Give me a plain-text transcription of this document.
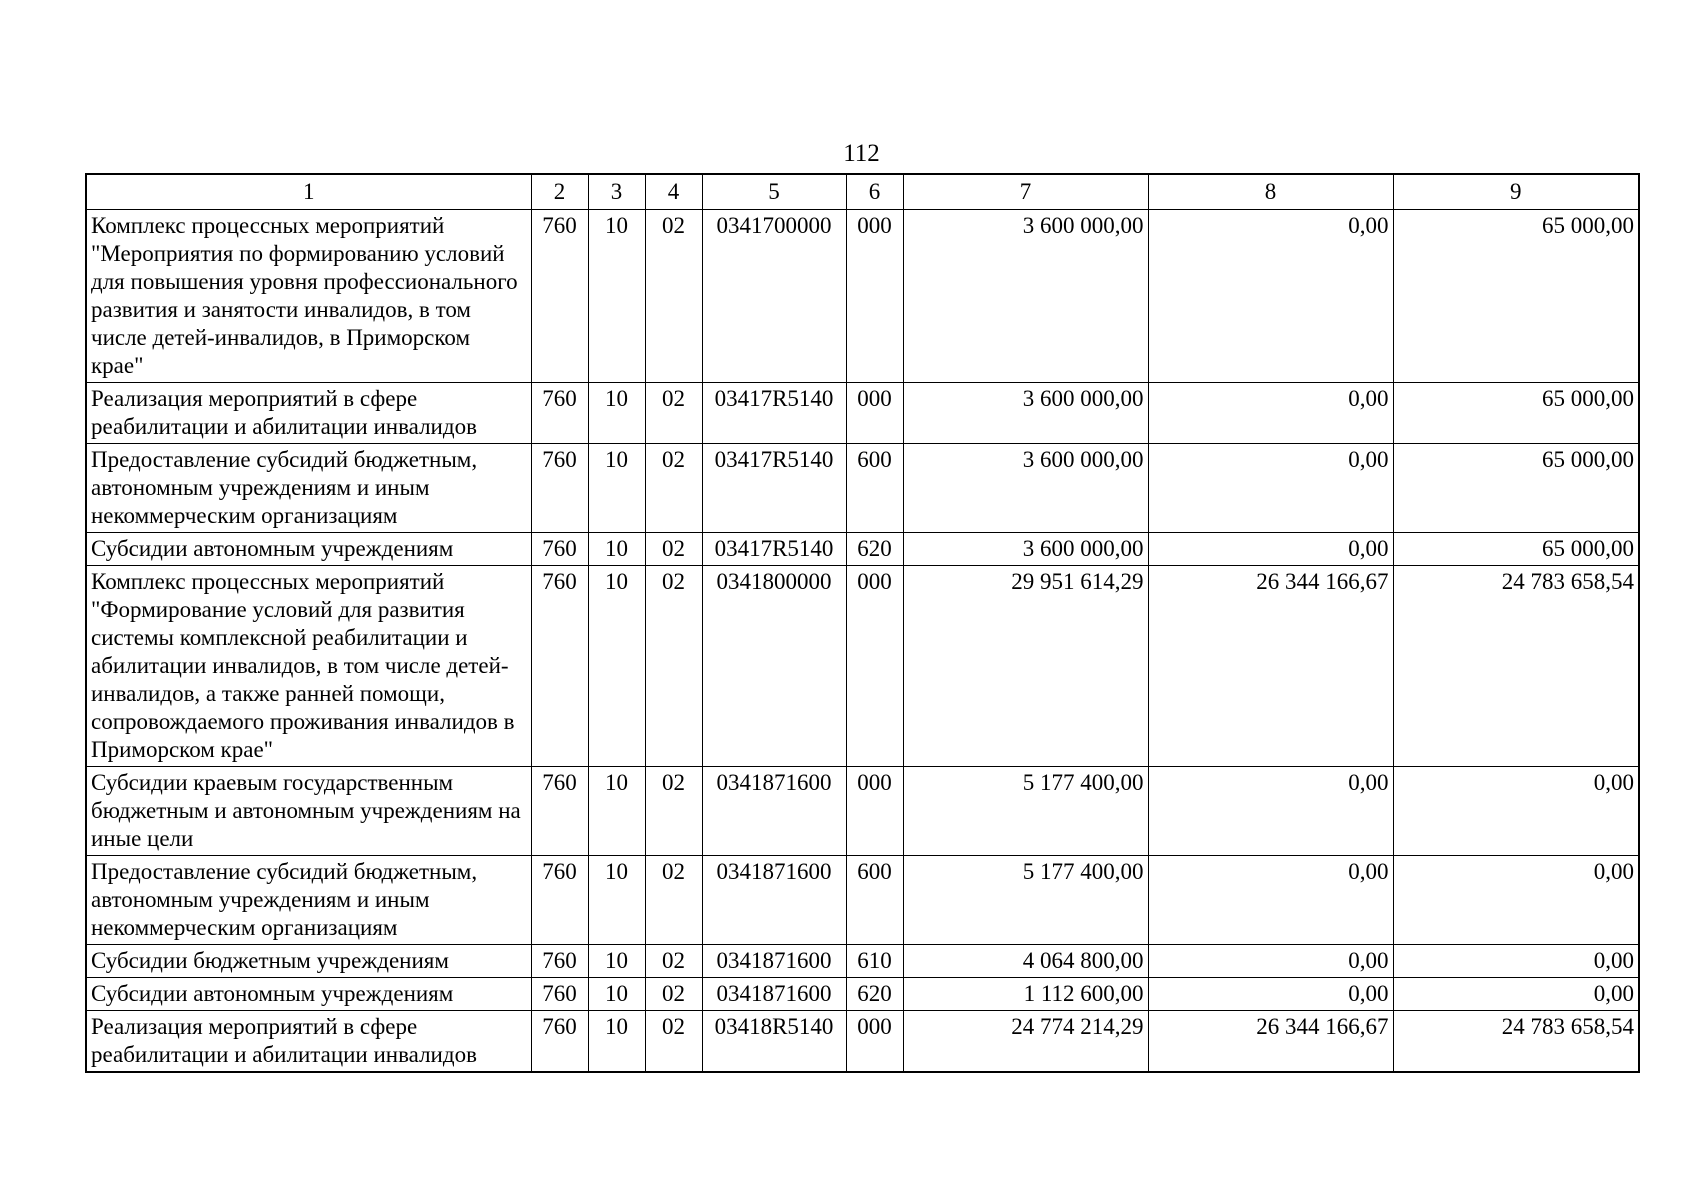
112
1	2	3	4	5	6	7	8	9
Комплекс процессных мероприятий "Мероприятия по формированию условий для повышения уровня профессионального развития и занятости инвалидов, в том числе детей-инвалидов, в Приморском крае"	760	10	02	0341700000	000	3 600 000,00	0,00	65 000,00
Реализация мероприятий в сфере реабилитации и абилитации инвалидов	760	10	02	03417R5140	000	3 600 000,00	0,00	65 000,00
Предоставление субсидий бюджетным, автономным учреждениям и иным некоммерческим организациям	760	10	02	03417R5140	600	3 600 000,00	0,00	65 000,00
Субсидии автономным учреждениям	760	10	02	03417R5140	620	3 600 000,00	0,00	65 000,00
Комплекс процессных мероприятий "Формирование условий для развития системы комплексной реабилитации и абилитации инвалидов, в том числе детей-инвалидов, а также ранней помощи, сопровождаемого проживания инвалидов в Приморском крае"	760	10	02	0341800000	000	29 951 614,29	26 344 166,67	24 783 658,54
Субсидии краевым государственным бюджетным и автономным учреждениям на иные цели	760	10	02	0341871600	000	5 177 400,00	0,00	0,00
Предоставление субсидий бюджетным, автономным учреждениям и иным некоммерческим организациям	760	10	02	0341871600	600	5 177 400,00	0,00	0,00
Субсидии бюджетным учреждениям	760	10	02	0341871600	610	4 064 800,00	0,00	0,00
Субсидии автономным учреждениям	760	10	02	0341871600	620	1 112 600,00	0,00	0,00
Реализация мероприятий в сфере реабилитации и абилитации инвалидов	760	10	02	03418R5140	000	24 774 214,29	26 344 166,67	24 783 658,54
